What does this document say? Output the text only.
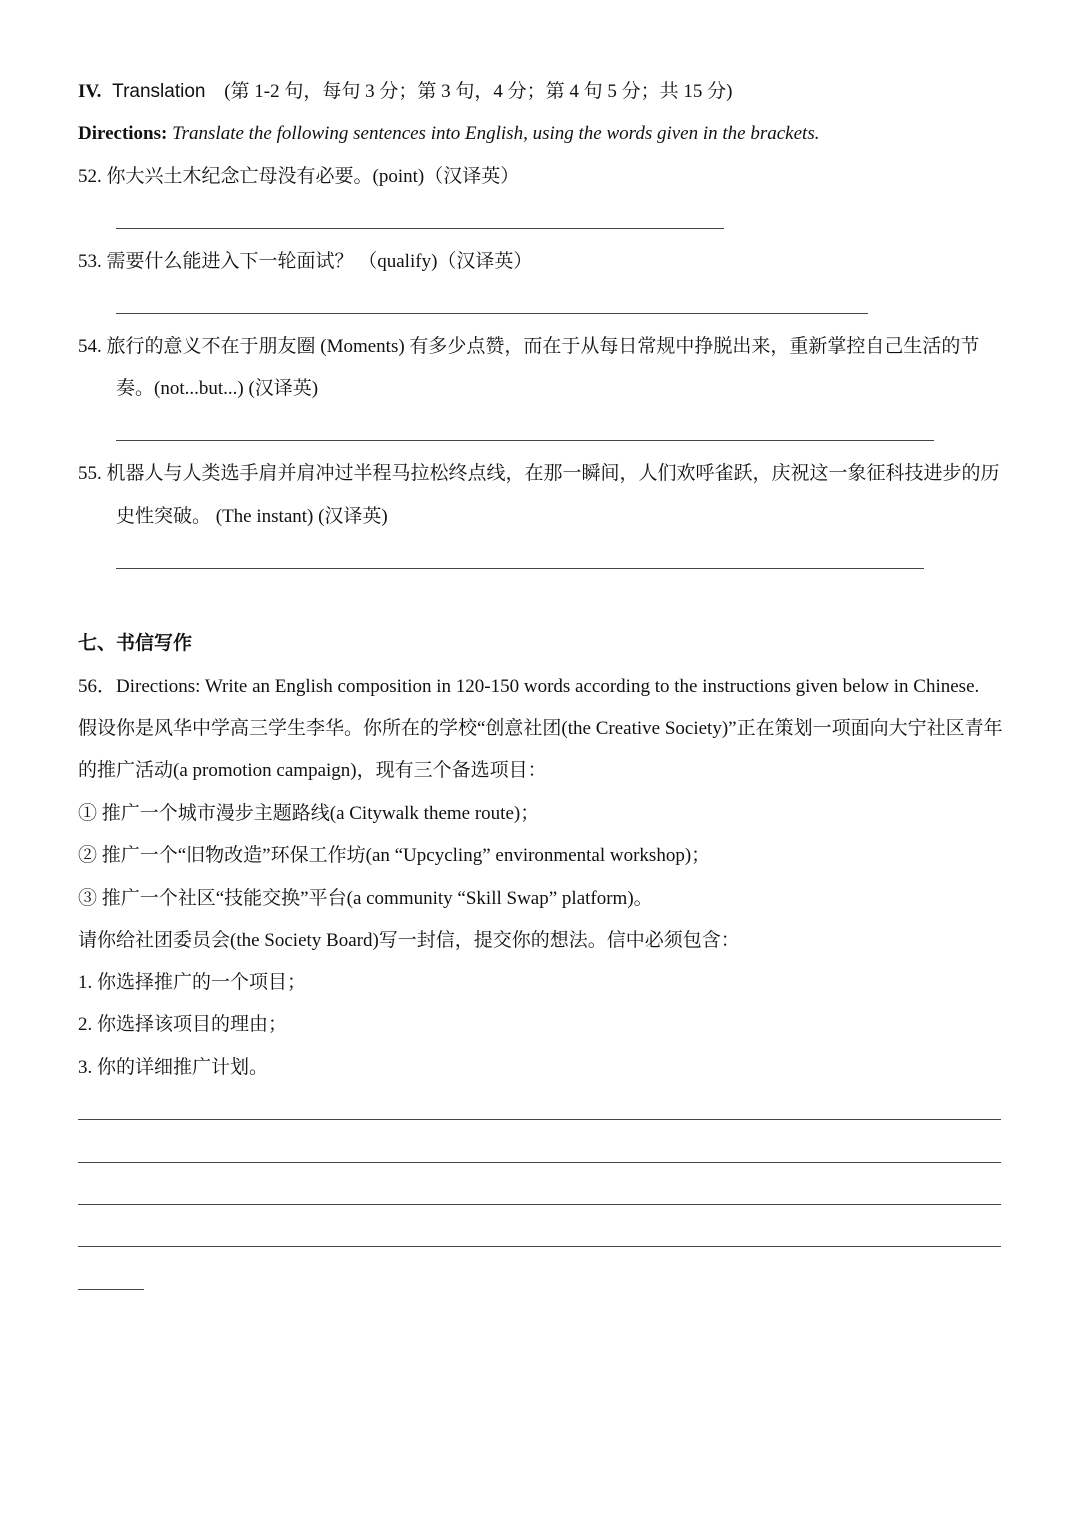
IV. Translation (第 1-2 句，每句 3 分；第 3 句，4 分；第 4 句 5 分；共 15 分)
Directions: Translate the following sentences into English, using the words given in the brackets.
52. 你大兴土木纪念亡母没有必要。(point)（汉译英）
53. 需要什么能进入下一轮面试？ （qualify)（汉译英）
54. 旅行的意义不在于朋友圈 (Moments) 有多少点赞，而在于从每日常规中挣脱出来，重新掌控自己生活的节
奏。(not...but...) (汉译英)
55. 机器人与人类选手肩并肩冲过半程马拉松终点线，在那一瞬间，人们欢呼雀跃，庆祝这一象征科技进步的历
史性突破。 (The instant) (汉译英)
七、书信写作
56．Directions: Write an English composition in 120-150 words according to the instructions given below in Chinese.
假设你是风华中学高三学生李华。你所在的学校“创意社团(the Creative Society)”正在策划一项面向大宁社区青年
的推广活动(a promotion campaign)，现有三个备选项目：
① 推广一个城市漫步主题路线(a Citywalk theme route)；
② 推广一个“旧物改造”环保工作坊(an “Upcycling” environmental workshop)；
③ 推广一个社区“技能交换”平台(a community “Skill Swap” platform)。
请你给社团委员会(the Society Board)写一封信，提交你的想法。信中必须包含：
1. 你选择推广的一个项目；
2. 你选择该项目的理由；
3. 你的详细推广计划。
